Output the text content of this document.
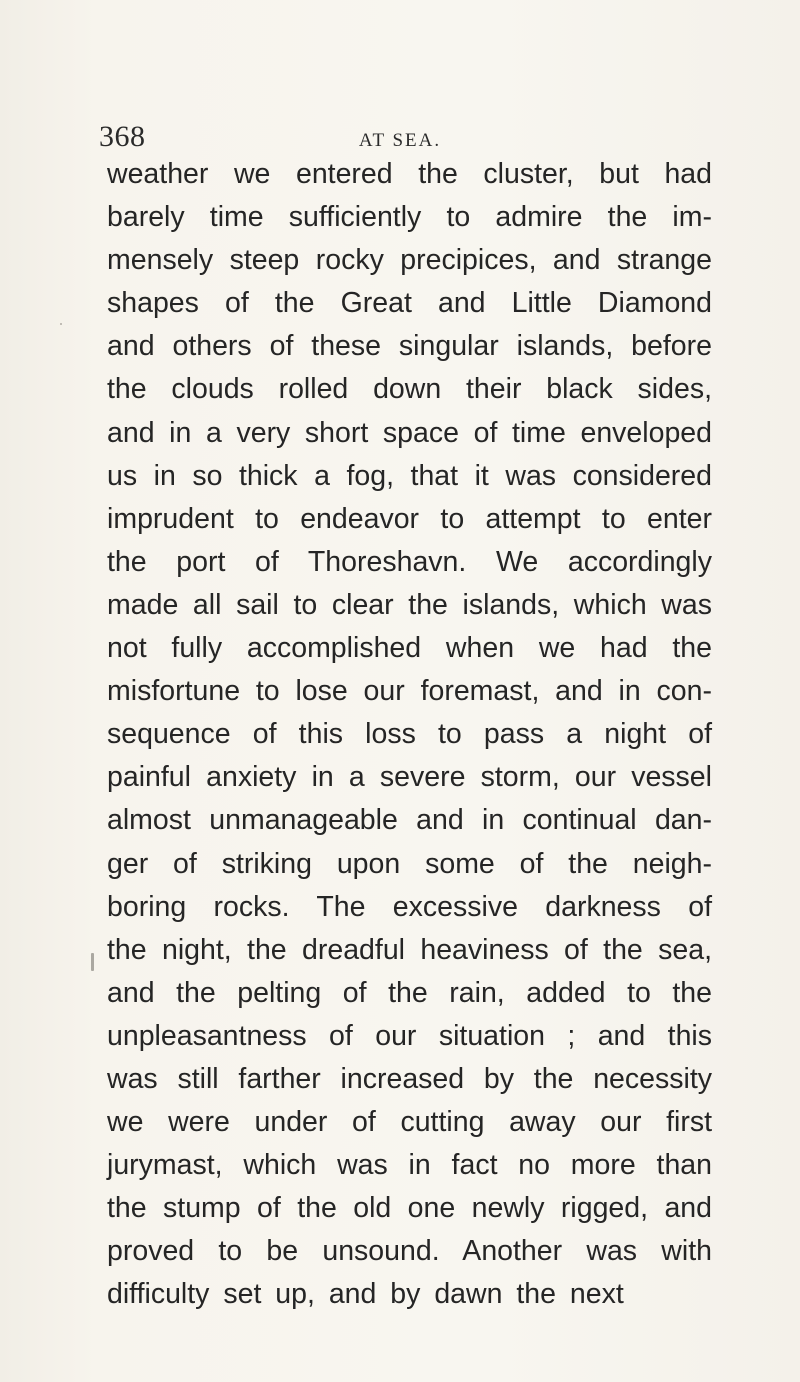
368	AT SEA.
weather we entered the cluster, but had
barely time sufficiently to admire the im-
mensely steep rocky precipices, and strange
shapes of the Great and Little Diamond
and others of these singular islands, before
the clouds rolled down their black sides,
and in a very short space of time enveloped
us in so thick a fog, that it was considered
imprudent to endeavor to attempt to enter
the port of Thoreshavn. We accordingly
made all sail to clear the islands, which was
not fully accomplished when we had the
misfortune to lose our foremast, and in con-
sequence of this loss to pass a night of
painful anxiety in a severe storm, our vessel
almost unmanageable and in continual dan-
ger of striking upon some of the neigh-
boring rocks. The excessive darkness of
the night, the dreadful heaviness of the sea,
and the pelting of the rain, added to the
unpleasantness of our situation ; and this
was still farther increased by the necessity
we were under of cutting away our first
jurymast, which was in fact no more than
the stump of the old one newly rigged, and
proved to be unsound. Another was with
difficulty set up, and by dawn the next
